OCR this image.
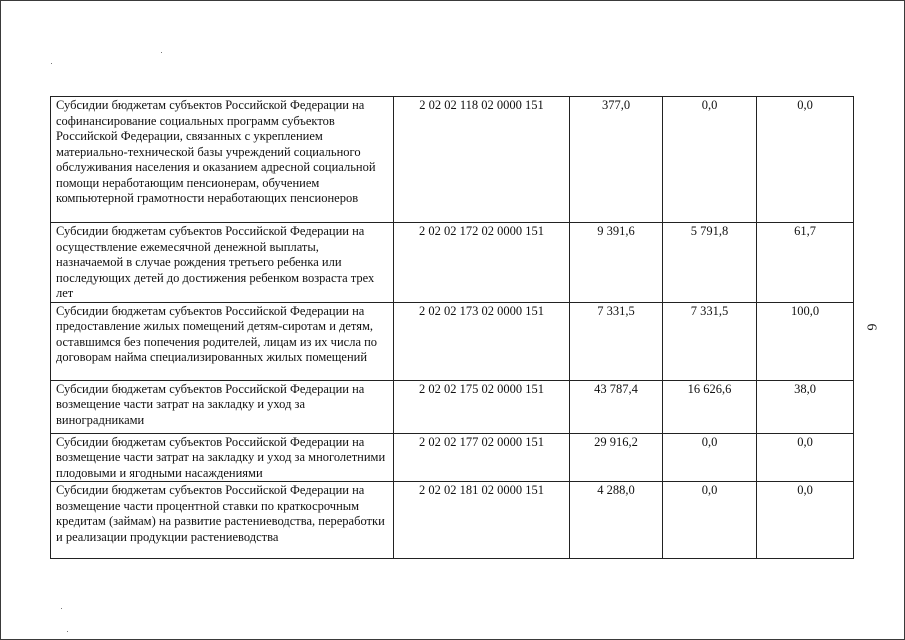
Субсидии бюджетам субъектов Российской Федерации на софинансирование социальных программ субъектов Российской Федерации, связанных с укреплением материально-технической базы учреждений социального обслуживания населения и оказанием адресной социальной помощи неработающим пенсионерам, обучением компьютерной грамотности неработающих пенсионеров	2 02 02 118 02 0000 151	377,0	0,0	0,0
Субсидии бюджетам субъектов Российской Федерации на осуществление ежемесячной денежной выплаты, назначаемой в случае рождения третьего ребенка или последующих детей до достижения ребенком возраста трех лет	2 02 02 172 02 0000 151	9 391,6	5 791,8	61,7
Субсидии бюджетам субъектов Российской Федерации на предоставление жилых помещений детям-сиротам и детям, оставшимся без попечения родителей, лицам из их числа по договорам найма специализированных жилых помещений	2 02 02 173 02 0000 151	7 331,5	7 331,5	100,0
Субсидии бюджетам субъектов Российской Федерации на возмещение части затрат на закладку и уход за виноградниками	2 02 02 175 02 0000 151	43 787,4	16 626,6	38,0
Субсидии бюджетам субъектов Российской Федерации на возмещение части затрат на закладку и уход за многолетними плодовыми и ягодными насаждениями	2 02 02 177 02 0000 151	29 916,2	0,0	0,0
Субсидии бюджетам субъектов Российской Федерации на возмещение части процентной ставки по краткосрочным кредитам (займам) на развитие растениеводства, переработки и реализации продукции растениеводства	2 02 02 181 02 0000 151	4 288,0	0,0	0,0
6
